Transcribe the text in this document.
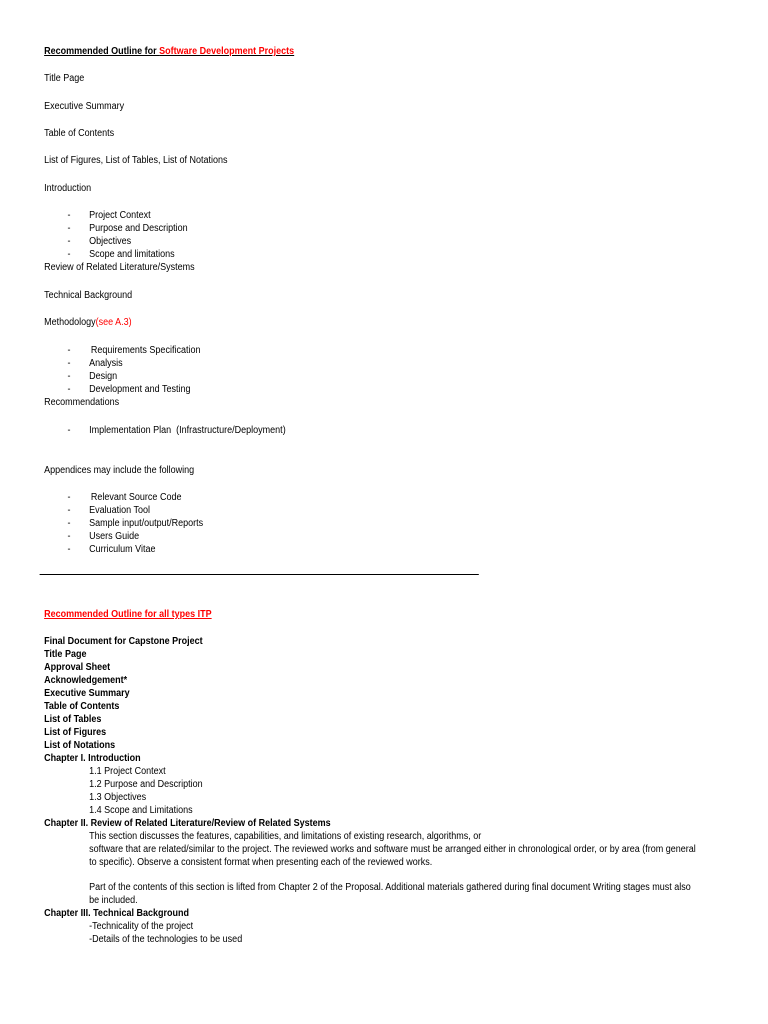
Recommended Outline for Software Development Projects
Title Page
Executive Summary
Table of Contents
List of Figures, List of Tables, List of Notations
Introduction
- Project Context
- Purpose and Description
- Objectives
- Scope and limitations
Review of Related Literature/Systems
Technical Background
Methodology(see A.3)
- Requirements Specification
- Analysis
- Design
- Development and Testing
Recommendations
- Implementation Plan  (Infrastructure/Deployment)
Appendices may include the following
- Relevant Source Code
- Evaluation Tool
- Sample input/output/Reports
- Users Guide
- Curriculum Vitae
Recommended Outline for all types ITP
Final Document for Capstone Project
Title Page
Approval Sheet
Acknowledgement*
Executive Summary
Table of Contents
List of Tables
List of Figures
List of Notations
Chapter I. Introduction
1.1 Project Context
1.2 Purpose and Description
1.3 Objectives
1.4 Scope and Limitations
Chapter II. Review of Related Literature/Review of Related Systems
This section discusses the features, capabilities, and limitations of existing research, algorithms, or
software that are related/similar to the project. The reviewed works and software must be arranged either in chronological order, or by area (from general
to specific). Observe a consistent format when presenting each of the reviewed works.
Part of the contents of this section is lifted from Chapter 2 of the Proposal. Additional materials gathered during final document Writing stages must also
be included.
Chapter III. Technical Background
-Technicality of the project
-Details of the technologies to be used
